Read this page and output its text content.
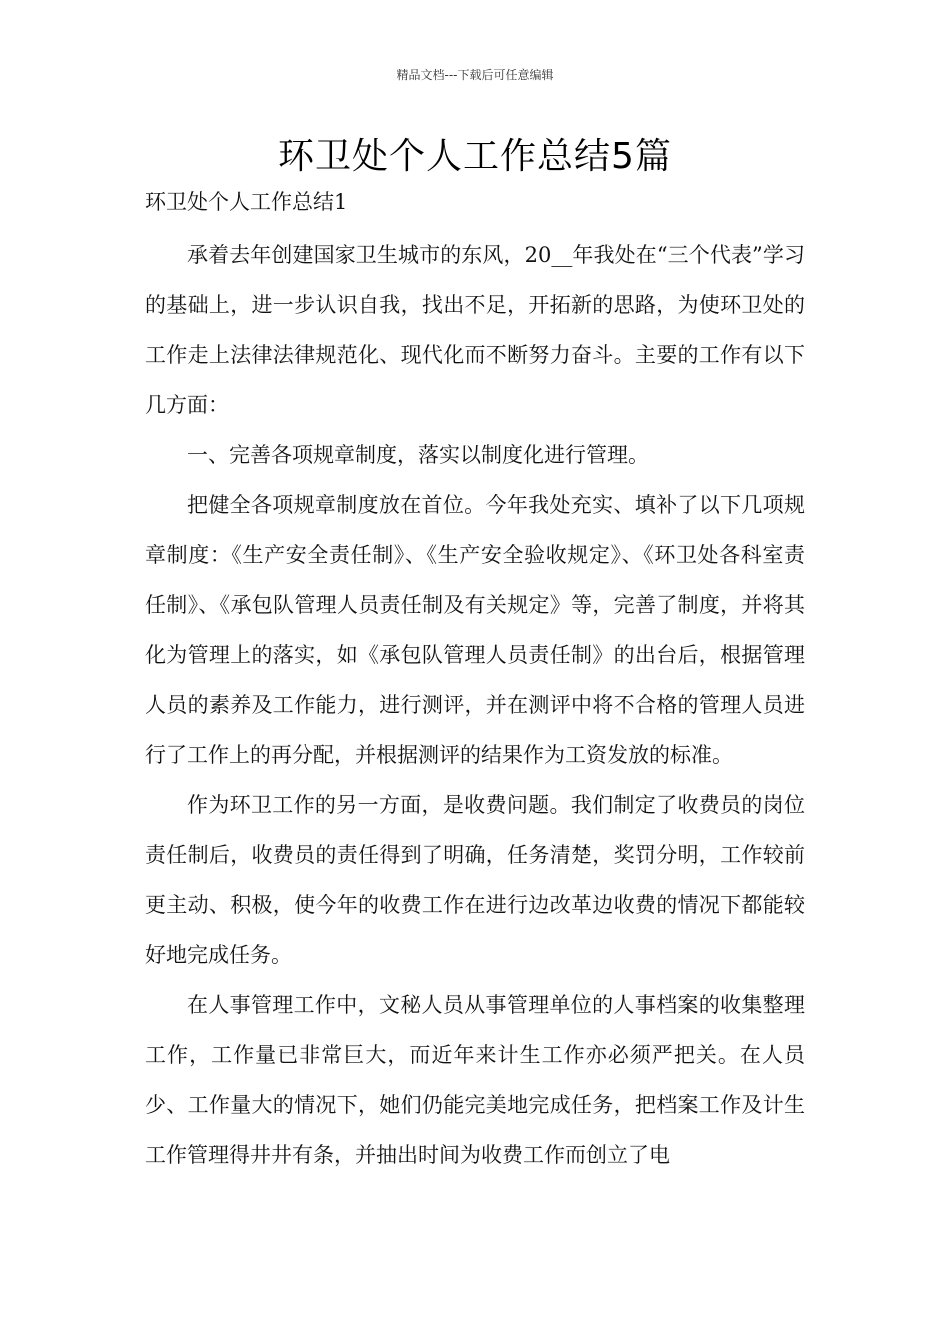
精品文档---下载后可任意编辑
环卫处个人工作总结5篇
环卫处个人工作总结1

承着去年创建国家卫生城市的东风，20__年我处在“三个代表”学习的基础上，进一步认识自我，找出不足，开拓新的思路，为使环卫处的工作走上法律法律规范化、现代化而不断努力奋斗。主要的工作有以下几方面：

一、完善各项规章制度，落实以制度化进行管理。

把健全各项规章制度放在首位。今年我处充实、填补了以下几项规章制度：《生产安全责任制》、《生产安全验收规定》、《环卫处各科室责任制》、《承包队管理人员责任制及有关规定》等，完善了制度，并将其化为管理上的落实，如《承包队管理人员责任制》的出台后，根据管理人员的素养及工作能力，进行测评，并在测评中将不合格的管理人员进行了工作上的再分配，并根据测评的结果作为工资发放的标准。

作为环卫工作的另一方面，是收费问题。我们制定了收费员的岗位责任制后，收费员的责任得到了明确，任务清楚，奖罚分明，工作较前更主动、积极，使今年的收费工作在进行边改革边收费的情况下都能较好地完成任务。

在人事管理工作中，文秘人员从事管理单位的人事档案的收集整理工作，工作量已非常巨大，而近年来计生工作亦必须严把关。在人员少、工作量大的情况下，她们仍能完美地完成任务，把档案工作及计生工作管理得井井有条，并抽出时间为收费工作而创立了电
